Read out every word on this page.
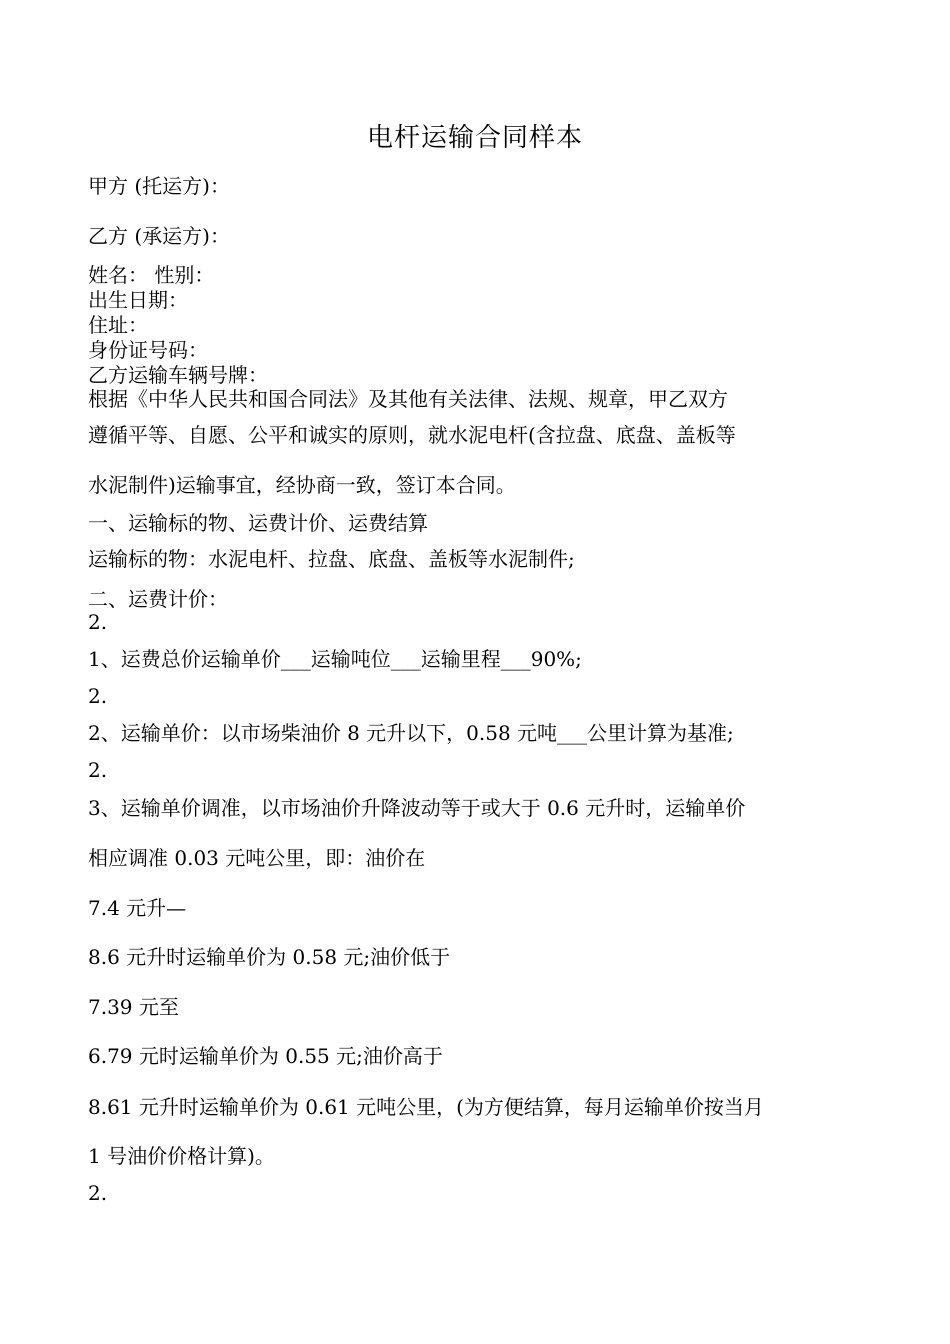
电杆运输合同样本
甲方 (托运方)：
乙方 (承运方)：
姓名： 性别：
出生日期：
住址：
身份证号码：
乙方运输车辆号牌：
根据《中华人民共和国合同法》及其他有关法律、法规、规章，甲乙双方
遵循平等、自愿、公平和诚实的原则，就水泥电杆(含拉盘、底盘、盖板等
水泥制件)运输事宜，经协商一致，签订本合同。
一、运输标的物、运费计价、运费结算
运输标的物：水泥电杆、拉盘、底盘、盖板等水泥制件;
二、运费计价：
2.
1、运费总价运输单价___运输吨位___运输里程___90%;
2.
2、运输单价：以市场柴油价 8 元升以下，0.58 元吨___公里计算为基准;
2.
3、运输单价调准，以市场油价升降波动等于或大于 0.6 元升时，运输单价
相应调准 0.03 元吨公里，即：油价在
7.4 元升—
8.6 元升时运输单价为 0.58 元;油价低于
7.39 元至
6.79 元时运输单价为 0.55 元;油价高于
8.61 元升时运输单价为 0.61 元吨公里，(为方便结算，每月运输单价按当月
1 号油价价格计算)。
2.
